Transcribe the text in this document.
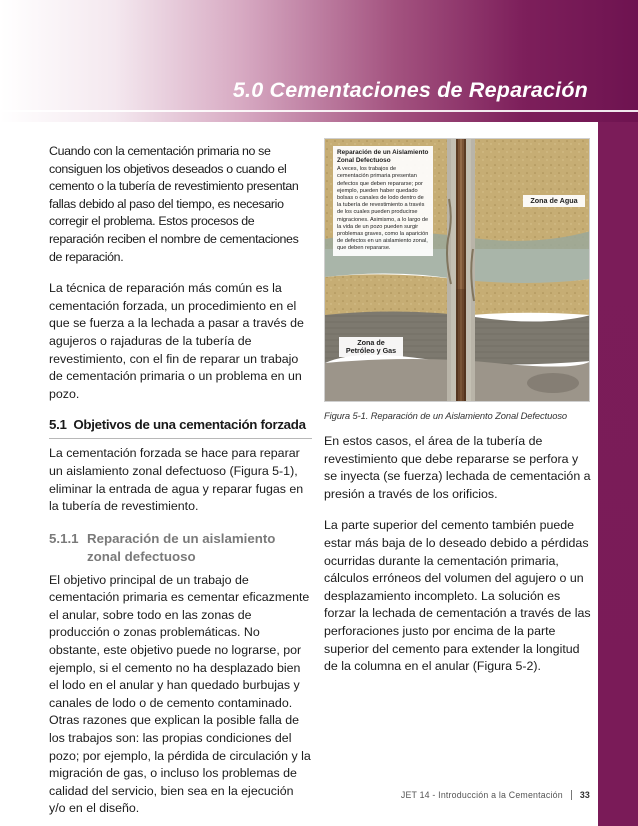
5.0 Cementaciones de Reparación

Cuando con la cementación primaria no se consiguen los objetivos deseados o cuando el cemento o la tubería de revestimiento presentan fallas debido al paso del tiempo, es necesario corregir el problema. Estos procesos de reparación reciben el nombre de cementaciones de reparación.

La técnica de reparación más común es la cementación forzada, un procedimiento en el que se fuerza a la lechada a pasar a través de agujeros o rajaduras de la tubería de revestimiento, con el fin de reparar un trabajo de cementación primaria o un problema en un pozo.

5.1 Objetivos de una cementación forzada

La cementación forzada se hace para reparar un aislamiento zonal defectuoso (Figura 5-1), eliminar la entrada de agua y reparar fugas en la tubería de revestimiento.

5.1.1 Reparación de un aislamiento zonal defectuoso

El objetivo principal de un trabajo de cementación primaria es cementar eficazmente el anular, sobre todo en las zonas de producción o zonas problemáticas. No obstante, este objetivo puede no lograrse, por ejemplo, si el cemento no ha desplazado bien el lodo en el anular y han quedado burbujas y canales de lodo o de cemento contaminado. Otras razones que explican la posible falla de los trabajos son: las propias condiciones del pozo; por ejemplo, la pérdida de circulación y la migración de gas, o incluso los problemas de calidad del servicio, bien sea en la ejecución y/o en el diseño.

Reparación de un Aislamiento Zonal Defectuoso
A veces, los trabajos de cementación primaria presentan defectos que deben repararse; por ejemplo, pueden haber quedado bolsas o canales de lodo dentro de la tubería de revestimiento a través de los cuales pueden producirse migraciones. Asimismo, a lo largo de la vida de un pozo pueden surgir problemas graves, como la aparición de defectos en un aislamiento zonal, que deben repararse.
Zona de Agua
Zona de Petróleo y Gas
Figura 5-1. Reparación de un Aislamiento Zonal Defectuoso

En estos casos, el área de la tubería de revestimiento que debe repararse se perfora y se inyecta (se fuerza) lechada de cementación a presión a través de los orificios.

La parte superior del cemento también puede estar más baja de lo deseado debido a pérdidas ocurridas durante la cementación primaria, cálculos erróneos del volumen del agujero o un desplazamiento incompleto. La solución es forzar la lechada de cementación a través de las perforaciones justo por encima de la parte superior del cemento para extender la longitud de la columna en el anular (Figura 5-2).

JET 14 - Introducción a la Cementación 33
